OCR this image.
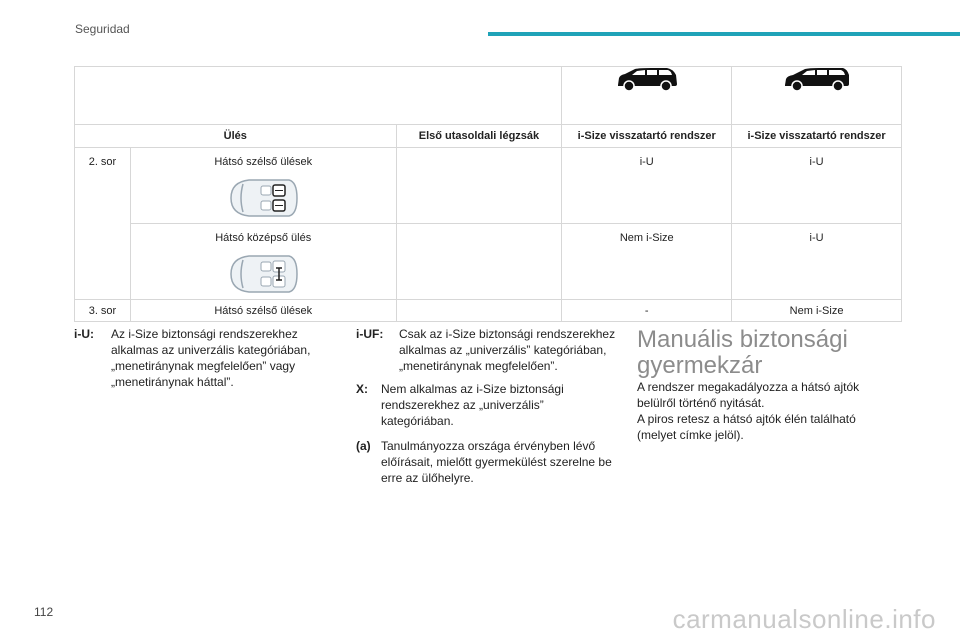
Seguridad

Ülés		Első utasoldali légzsák	i-Size visszatartó rendszer	i-Size visszatartó rendszer
2. sor	Hátsó szélső ülések		i-U	i-U

	Hátsó középső ülés		Nem i-Size	i-U

3. sor	Hátsó szélső ülések		-	Nem i-Size
i-U: Az i-Size biztonsági rendszerekhez alkalmas az univerzális kategóriában, „menetiránynak megfelelően” vagy „menetiránynak háttal”.
i-UF: Csak az i-Size biztonsági rendszerekhez alkalmas az „univerzális” kategóriában, „menetiránynak megfelelően”.
X: Nem alkalmas az i-Size biztonsági rendszerekhez az „univerzális” kategóriában.
(a) Tanulmányozza országa érvényben lévő előírásait, mielőtt gyermekülést szerelne be erre az ülőhelyre.
Manuális biztonsági gyermekzár
A rendszer megakadályozza a hátsó ajtók belülről történő nyitását.
A piros retesz a hátsó ajtók élén található (melyet címke jelöl).
112	carmanualsonline.info
